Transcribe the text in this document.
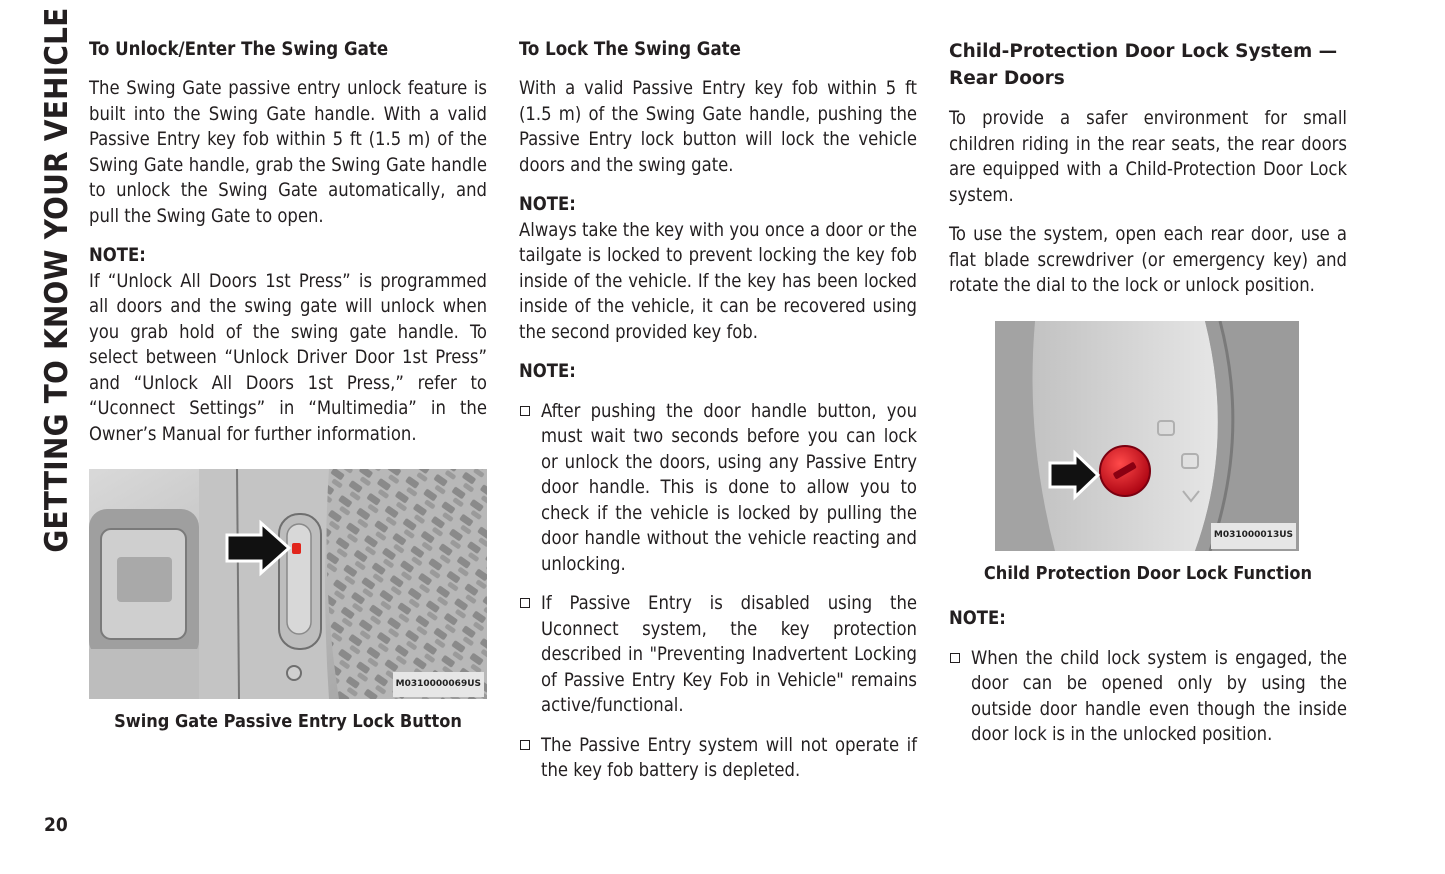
GETTING TO KNOW YOUR VEHICLE
20
To Unlock/Enter The Swing Gate

The Swing Gate passive entry unlock feature is built into the Swing Gate handle. With a valid Passive Entry key fob within 5 ft (1.5 m) of the Swing Gate handle, grab the Swing Gate handle to unlock the Swing Gate automatically, and pull the Swing Gate to open.

NOTE:

If “Unlock All Doors 1st Press” is programmed all doors and the swing gate will unlock when you grab hold of the swing gate handle. To select between “Unlock Driver Door 1st Press” and “Unlock All Doors 1st Press,” refer to “Uconnect Settings” in “Multimedia” in the Owner’s Manual for further information.

M0310000069US
Swing Gate Passive Entry Lock Button
To Lock The Swing Gate

With a valid Passive Entry key fob within 5 ft (1.5 m) of the Swing Gate handle, pushing the Passive Entry lock button will lock the vehicle doors and the swing gate.

NOTE:

Always take the key with you once a door or the tailgate is locked to prevent locking the key fob inside of the vehicle. If the key has been locked inside of the vehicle, it can be recovered using the second provided key fob.

NOTE:
After pushing the door handle button, you must wait two seconds before you can lock or unlock the doors, using any Passive Entry door handle. This is done to allow you to check if the vehicle is locked by pulling the door handle without the vehicle reacting and unlocking.
If Passive Entry is disabled using the Uconnect system, the key protection described in "Preventing Inadvertent Locking of Passive Entry Key Fob in Vehicle" remains active/functional.
The Passive Entry system will not operate if the key fob battery is depleted.
Child-Protection Door Lock System — Rear Doors

To provide a safer environment for small children riding in the rear seats, the rear doors are equipped with a Child-Protection Door Lock system.

To use the system, open each rear door, use a flat blade screwdriver (or emergency key) and rotate the dial to the lock or unlock position.

M031000013US
Child Protection Door Lock Function
NOTE:
When the child lock system is engaged, the door can be opened only by using the outside door handle even though the inside door lock is in the unlocked position.
